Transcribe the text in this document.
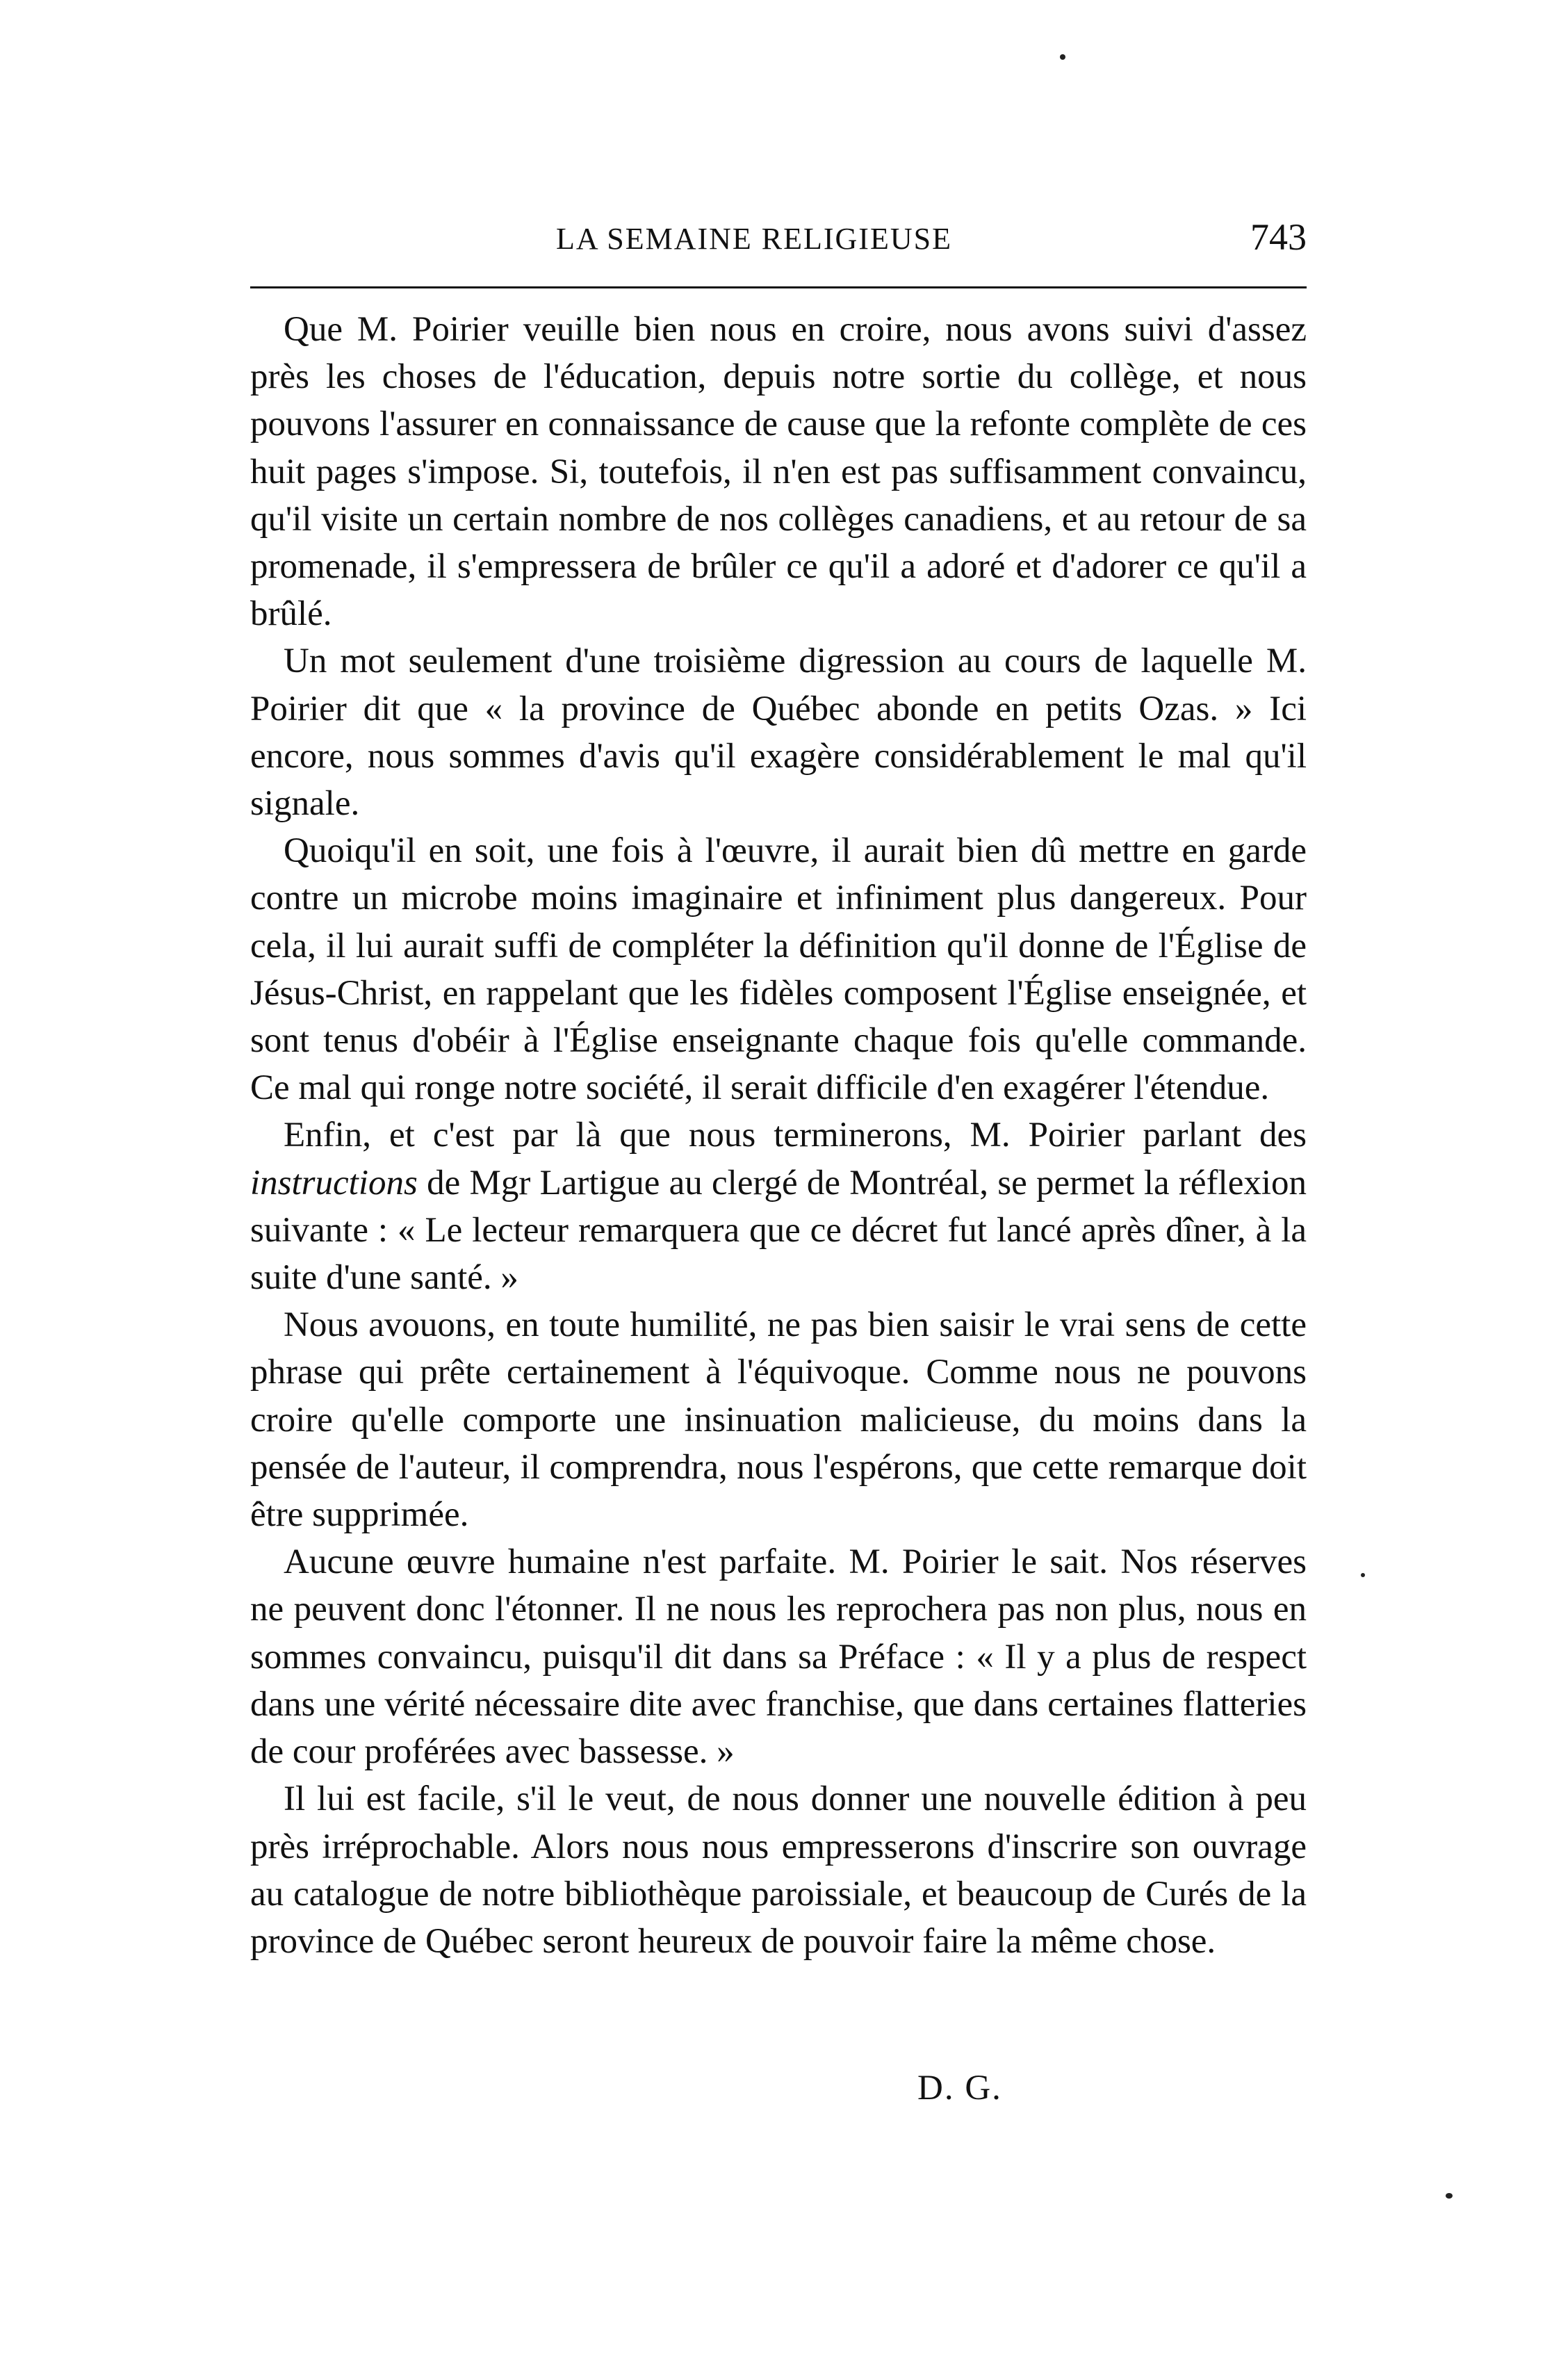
LA SEMAINE RELIGIEUSE	743

Que M. Poirier veuille bien nous en croire, nous avons suivi d'assez près les choses de l'éducation, depuis notre sortie du collège, et nous pouvons l'assurer en connaissance de cause que la refonte complète de ces huit pages s'impose. Si, toutefois, il n'en est pas suffisamment convaincu, qu'il visite un certain nombre de nos collèges canadiens, et au retour de sa promenade, il s'empressera de brûler ce qu'il a adoré et d'adorer ce qu'il a brûlé.

Un mot seulement d'une troisième digression au cours de laquelle M. Poirier dit que « la province de Québec abonde en petits Ozas. » Ici encore, nous sommes d'avis qu'il exagère considérablement le mal qu'il signale.

Quoiqu'il en soit, une fois à l'œuvre, il aurait bien dû mettre en garde contre un microbe moins imaginaire et infiniment plus dangereux. Pour cela, il lui aurait suffi de compléter la définition qu'il donne de l'Église de Jésus-Christ, en rappelant que les fidèles composent l'Église enseignée, et sont tenus d'obéir à l'Église enseignante chaque fois qu'elle commande. Ce mal qui ronge notre société, il serait difficile d'en exagérer l'étendue.

Enfin, et c'est par là que nous terminerons, M. Poirier parlant des instructions de Mgr Lartigue au clergé de Montréal, se permet la réflexion suivante : « Le lecteur remarquera que ce décret fut lancé après dîner, à la suite d'une santé. »

Nous avouons, en toute humilité, ne pas bien saisir le vrai sens de cette phrase qui prête certainement à l'équivoque. Comme nous ne pouvons croire qu'elle comporte une insinuation malicieuse, du moins dans la pensée de l'auteur, il comprendra, nous l'espérons, que cette remarque doit être supprimée.

Aucune œuvre humaine n'est parfaite. M. Poirier le sait. Nos réserves ne peuvent donc l'étonner. Il ne nous les reprochera pas non plus, nous en sommes convaincu, puisqu'il dit dans sa Préface : « Il y a plus de respect dans une vérité nécessaire dite avec franchise, que dans certaines flatteries de cour proférées avec bassesse. »

Il lui est facile, s'il le veut, de nous donner une nouvelle édition à peu près irréprochable. Alors nous nous empresserons d'inscrire son ouvrage au catalogue de notre bibliothèque paroissiale, et beaucoup de Curés de la province de Québec seront heureux de pouvoir faire la même chose.

D. G.
